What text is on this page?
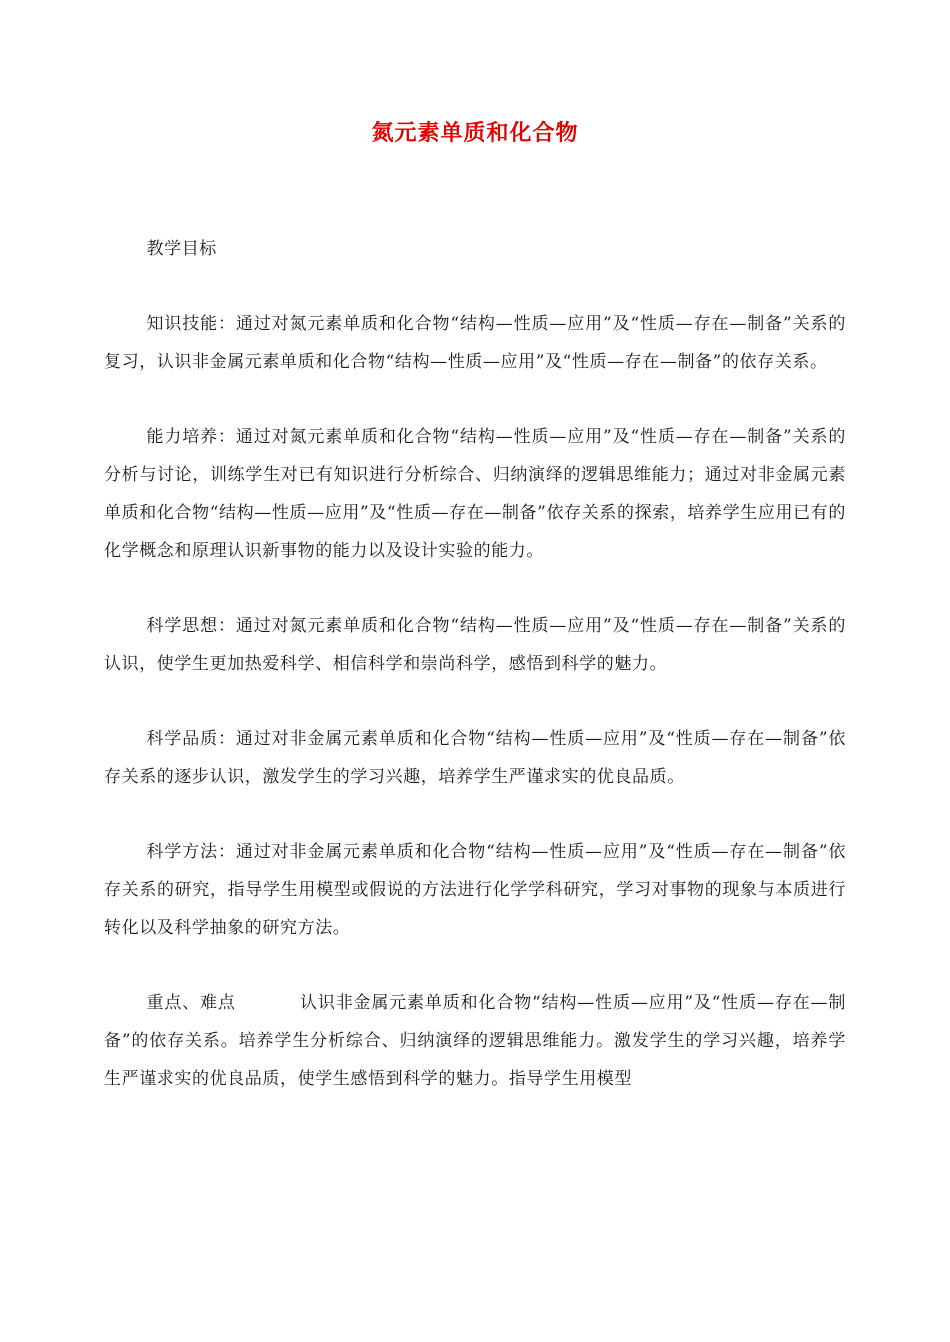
氮元素单质和化合物

教学目标

知识技能：通过对氮元素单质和化合物“结构—性质—应用”及“性质—存在—制备”关系的复习，认识非金属元素单质和化合物“结构—性质—应用”及“性质—存在—制备”的依存关系。

能力培养：通过对氮元素单质和化合物“结构—性质—应用”及“性质—存在—制备”关系的分析与讨论，训练学生对已有知识进行分析综合、归纳演绎的逻辑思维能力；通过对非金属元素单质和化合物“结构—性质—应用”及“性质—存在—制备”依存关系的探索，培养学生应用已有的化学概念和原理认识新事物的能力以及设计实验的能力。

科学思想：通过对氮元素单质和化合物“结构—性质—应用”及“性质—存在—制备”关系的认识，使学生更加热爱科学、相信科学和崇尚科学，感悟到科学的魅力。

科学品质：通过对非金属元素单质和化合物“结构—性质—应用”及“性质—存在—制备”依存关系的逐步认识，激发学生的学习兴趣，培养学生严谨求实的优良品质。

科学方法：通过对非金属元素单质和化合物“结构—性质—应用”及“性质—存在—制备”依存关系的研究，指导学生用模型或假说的方法进行化学学科研究，学习对事物的现象与本质进行转化以及科学抽象的研究方法。

重点、难点	认识非金属元素单质和化合物“结构—性质—应用”及“性质—存在—制备”的依存关系。培养学生分析综合、归纳演绎的逻辑思维能力。激发学生的学习兴趣，培养学生严谨求实的优良品质，使学生感悟到科学的魅力。指导学生用模型
